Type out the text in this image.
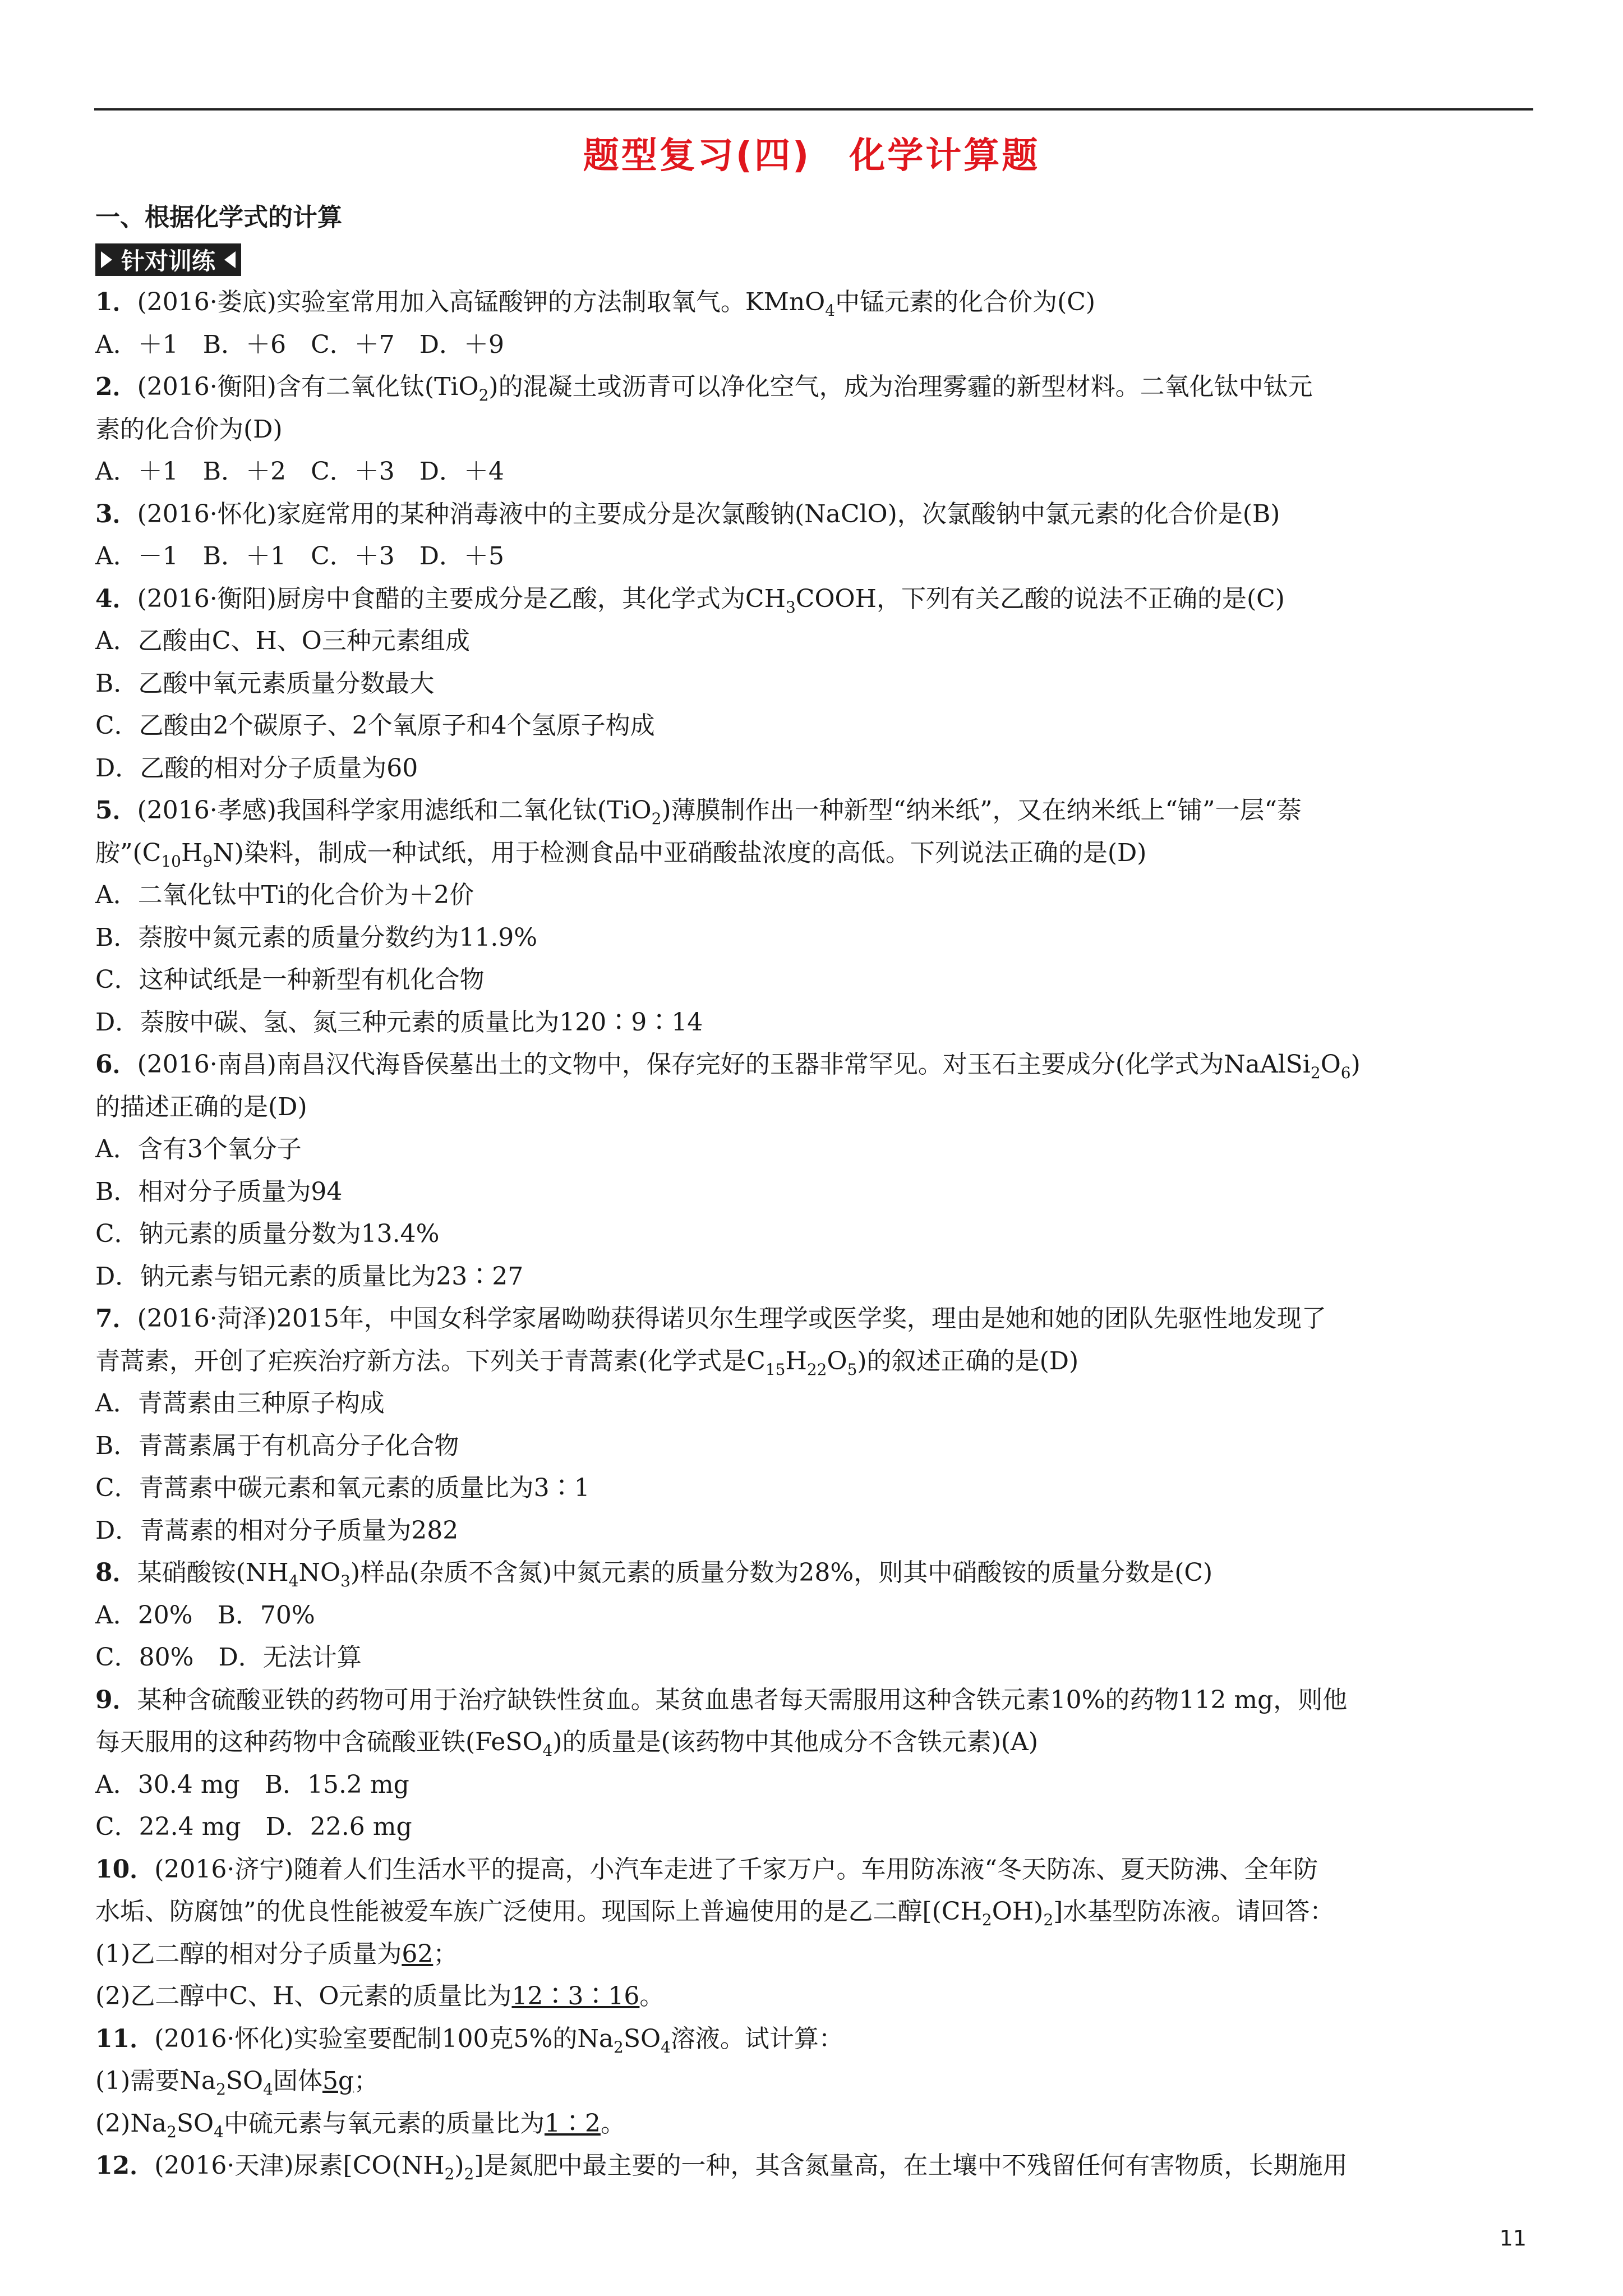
题型复习(四)　化学计算题
一、根据化学式的计算
针对训练
1．(2016·娄底)实验室常用加入高锰酸钾的方法制取氧气。KMnO$_4$中锰元素的化合价为(C)
A．＋1　B．＋6　C．＋7　D．＋9
2．(2016·衡阳)含有二氧化钛(TiO$_2$)的混凝土或沥青可以净化空气，成为治理雾霾的新型材料。二氧化钛中钛元
素的化合价为(D)
A．＋1　B．＋2　C．＋3　D．＋4
3．(2016·怀化)家庭常用的某种消毒液中的主要成分是次氯酸钠(NaClO)，次氯酸钠中氯元素的化合价是(B)
A．－1　B．＋1　C．＋3　D．＋5
4．(2016·衡阳)厨房中食醋的主要成分是乙酸，其化学式为$CH_3COOH$，下列有关乙酸的说法不正确的是(C)
A．乙酸由C、H、O三种元素组成
B．乙酸中氧元素质量分数最大
C．乙酸由2个碳原子、2个氧原子和4个氢原子构成
D．乙酸的相对分子质量为60
5．(2016·孝感)我国科学家用滤纸和二氧化钛(TiO$_2$)薄膜制作出一种新型“纳米纸”，又在纳米纸上“铺”一层“萘
胺$”(C_{10}H_9N)$染料，制成一种试纸，用于检测食品中亚硝酸盐浓度的高低。下列说法正确的是(D)
A．二氧化钛中Ti的化合价为＋2价
B．萘胺中氮元素的质量分数约为11.9%
C．这种试纸是一种新型有机化合物
D．萘胺中碳、氢、氮三种元素的质量比为120∶9∶14
6．(2016·南昌)南昌汉代海昏侯墓出土的文物中，保存完好的玉器非常罕见。对玉石主要成分(化学式为$NaAlSi_2O_6$)
的描述正确的是(D)
A．含有3个氧分子
B．相对分子质量为94
C．钠元素的质量分数为13.4%
D．钠元素与铝元素的质量比为23∶27
7．(2016·菏泽)2015年，中国女科学家屠呦呦获得诺贝尔生理学或医学奖，理由是她和她的团队先驱性地发现了
青蒿素，开创了疟疾治疗新方法。下列关于青蒿素(化学式是$C_{15}H_{22}O_5$)的叙述正确的是(D)
A．青蒿素由三种原子构成
B．青蒿素属于有机高分子化合物
C．青蒿素中碳元素和氧元素的质量比为3∶1
D．青蒿素的相对分子质量为282
8．某硝酸铵$(NH_4NO_3)$样品(杂质不含氮)中氮元素的质量分数为28%，则其中硝酸铵的质量分数是(C)
A．20%　B．70%
C．80%　D．无法计算
9．某种含硫酸亚铁的药物可用于治疗缺铁性贫血。某贫血患者每天需服用这种含铁元素10%的药物112 mg，则他
每天服用的这种药物中含硫酸亚铁(FeSO$_4$)的质量是(该药物中其他成分不含铁元素)(A)
A．30.4 mg　B．15.2 mg
C．22.4 mg　D．22.6 mg
10．(2016·济宁)随着人们生活水平的提高，小汽车走进了千家万户。车用防冻液“冬天防冻、夏天防沸、全年防
水垢、防腐蚀”的优良性能被爱车族广泛使用。现国际上普遍使用的是乙二醇$[(CH_2OH)_2]$水基型防冻液。请回答：
(1)乙二醇的相对分子质量为62；
(2)乙二醇中C、H、O元素的质量比为12∶3∶16。
11．(2016·怀化)实验室要配制100克5%的$Na_2SO_4$溶液。试计算：
(1)需要$Na_2SO_4$固体5g；
$(2)Na_2SO_4$中硫元素与氧元素的质量比为1∶2。
12．(2016·天津)尿素$[CO(NH_2)_2]$是氮肥中最主要的一种，其含氮量高，在土壤中不残留任何有害物质，长期施用
11
